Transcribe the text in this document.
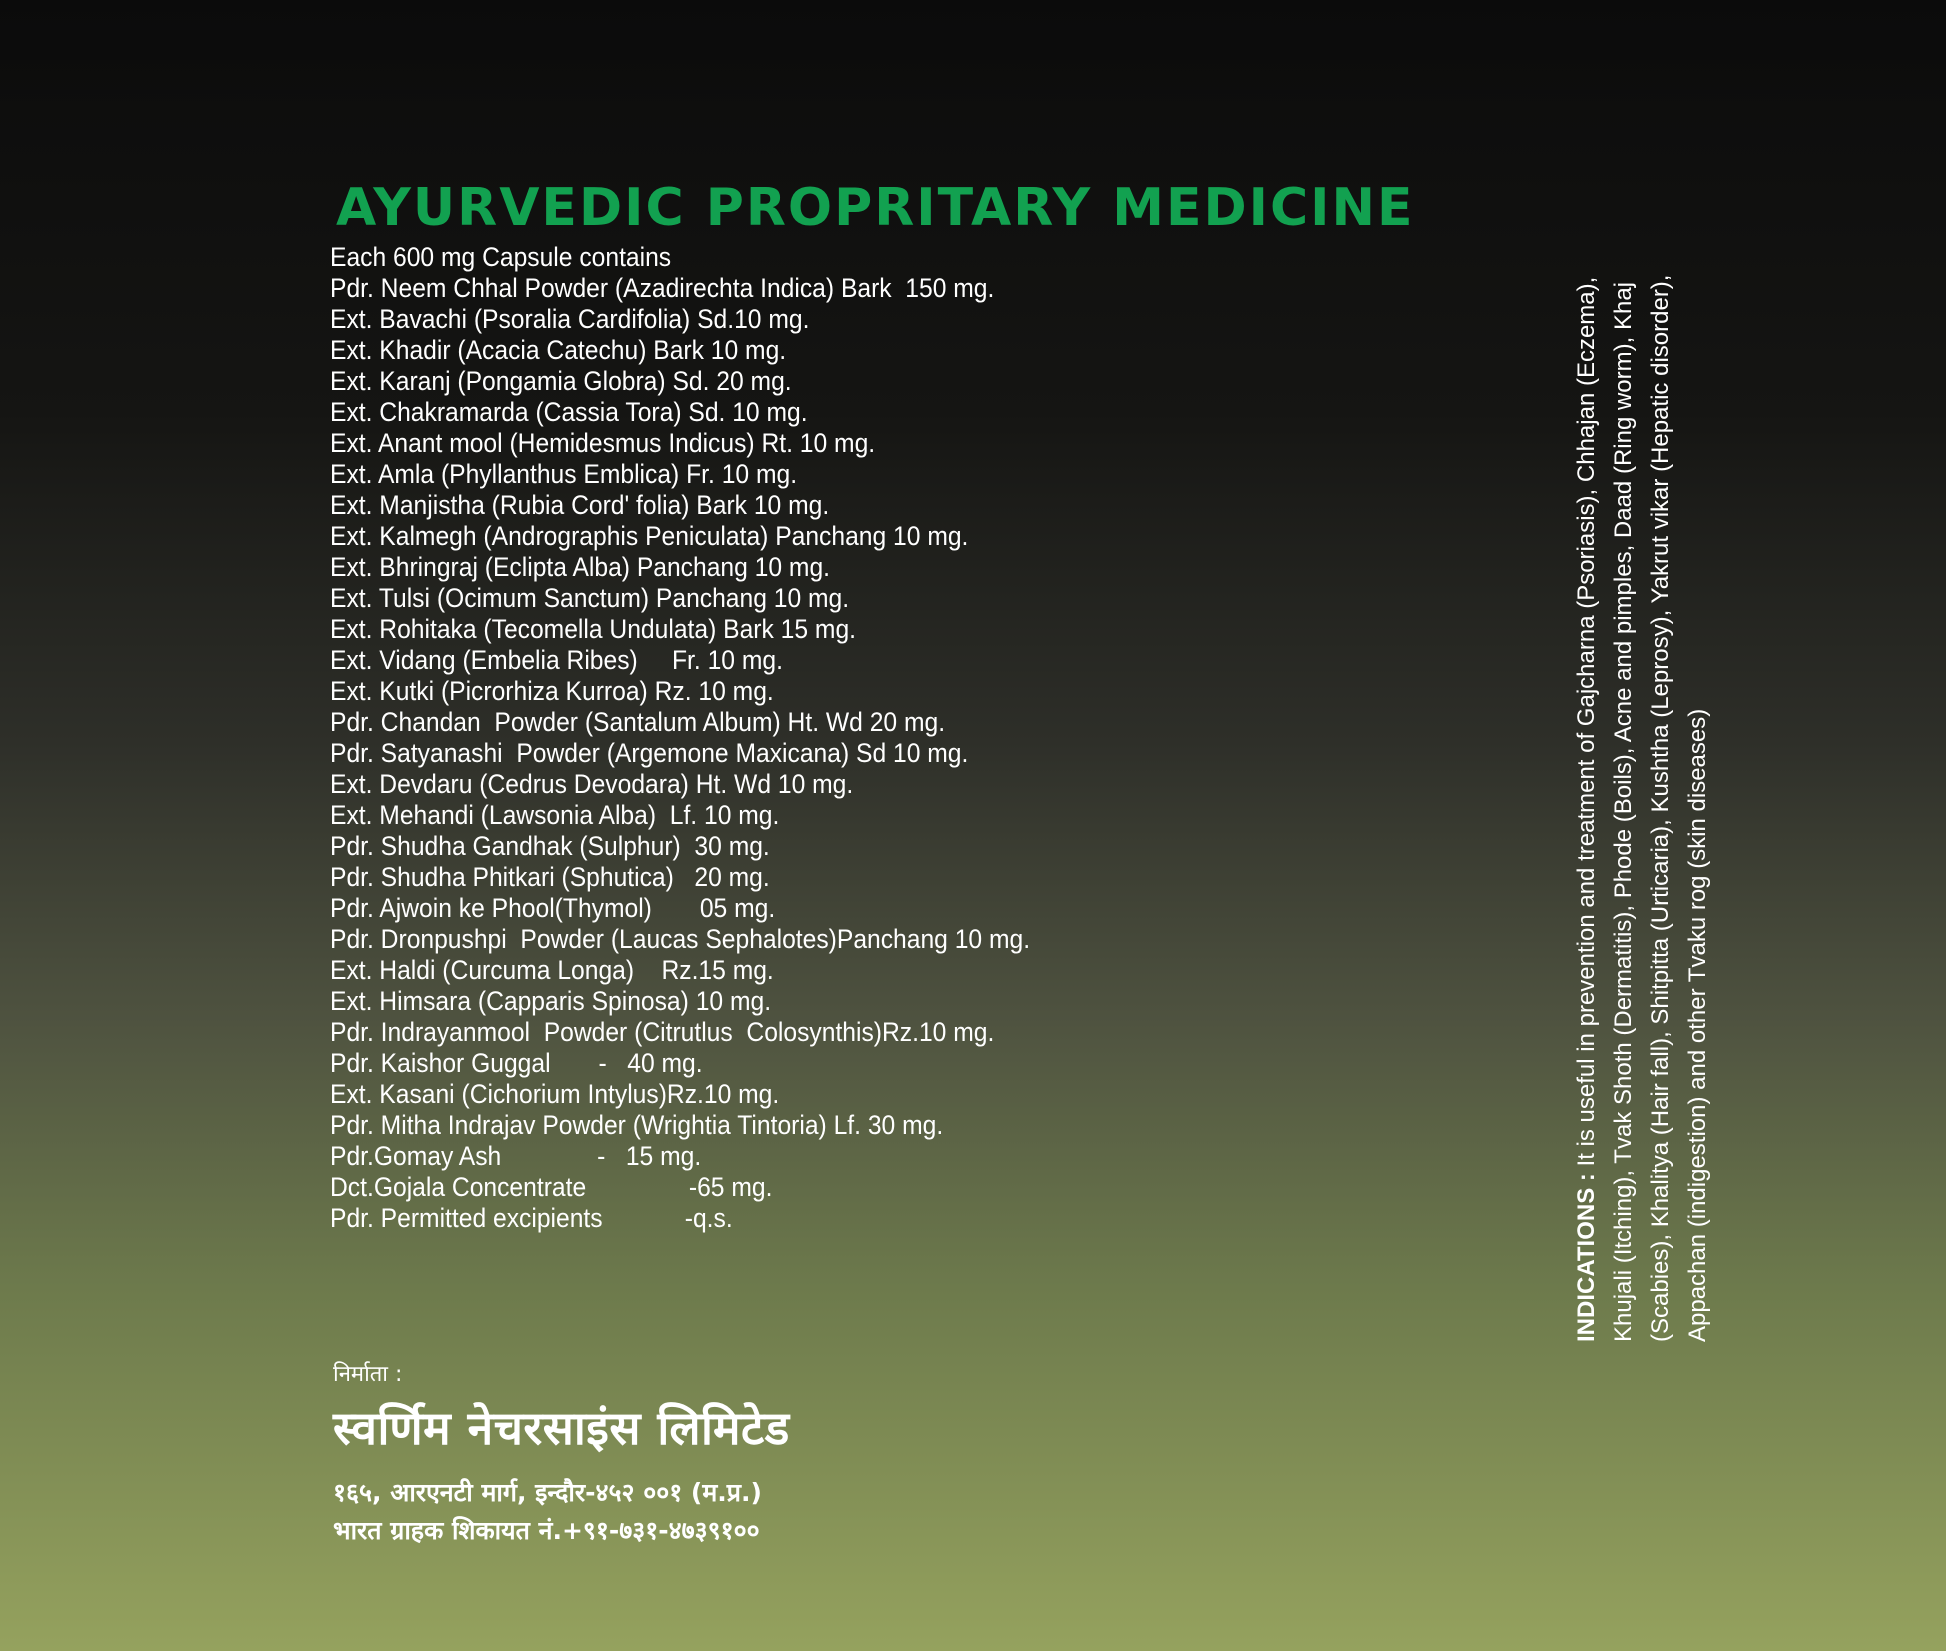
AYURVEDIC PROPRITARY MEDICINE
Each 600 mg Capsule contains
Pdr. Neem Chhal Powder (Azadirechta Indica) Bark  150 mg.
Ext. Bavachi (Psoralia Cardifolia) Sd.10 mg.
Ext. Khadir (Acacia Catechu) Bark 10 mg.
Ext. Karanj (Pongamia Globra) Sd. 20 mg.
Ext. Chakramarda (Cassia Tora) Sd. 10 mg.
Ext. Anant mool (Hemidesmus Indicus) Rt. 10 mg.
Ext. Amla (Phyllanthus Emblica) Fr. 10 mg.
Ext. Manjistha (Rubia Cord' folia) Bark 10 mg.
Ext. Kalmegh (Andrographis Peniculata) Panchang 10 mg.
Ext. Bhringraj (Eclipta Alba) Panchang 10 mg.
Ext. Tulsi (Ocimum Sanctum) Panchang 10 mg.
Ext. Rohitaka (Tecomella Undulata) Bark 15 mg.
Ext. Vidang (Embelia Ribes)     Fr. 10 mg.
Ext. Kutki (Picrorhiza Kurroa) Rz. 10 mg.
Pdr. Chandan  Powder (Santalum Album) Ht. Wd 20 mg.
Pdr. Satyanashi  Powder (Argemone Maxicana) Sd 10 mg.
Ext. Devdaru (Cedrus Devodara) Ht. Wd 10 mg.
Ext. Mehandi (Lawsonia Alba)  Lf. 10 mg.
Pdr. Shudha Gandhak (Sulphur)  30 mg.
Pdr. Shudha Phitkari (Sphutica)   20 mg.
Pdr. Ajwoin ke Phool(Thymol)       05 mg.
Pdr. Dronpushpi  Powder (Laucas Sephalotes)Panchang 10 mg.
Ext. Haldi (Curcuma Longa)    Rz.15 mg.
Ext. Himsara (Capparis Spinosa) 10 mg.
Pdr. Indrayanmool  Powder (Citrutlus  Colosynthis)Rz.10 mg.
Pdr. Kaishor Guggal       -   40 mg.
Ext. Kasani (Cichorium Intylus)Rz.10 mg.
Pdr. Mitha Indrajav Powder (Wrightia Tintoria) Lf. 30 mg.
Pdr.Gomay Ash              -   15 mg.
Dct.Gojala Concentrate               -65 mg.
Pdr. Permitted excipients            -q.s.
निर्माता :
स्वर्णिम नेचरसाइंस लिमिटेड
१६५, आरएनटी मार्ग, इन्दौर-४५२ ००१ (म.प्र.)
भारत ग्राहक शिकायत नं.+९१-७३१-४७३९१००
INDICATIONS : It is useful in prevention and treatment of Gajcharna (Psoriasis), Chhajan (Eczema), Khujali (Itching), Tvak Shoth (Dermatitis), Phode (Boils), Acne and pimples, Daad (Ring worm), Khaj (Scabies), Khalitya (Hair fall), Shitpitta (Urticaria), Kushtha (Leprosy), Yakrut vikar (Hepatic disorder), Appachan (indigestion) and other Tvaku rog (skin diseases)
